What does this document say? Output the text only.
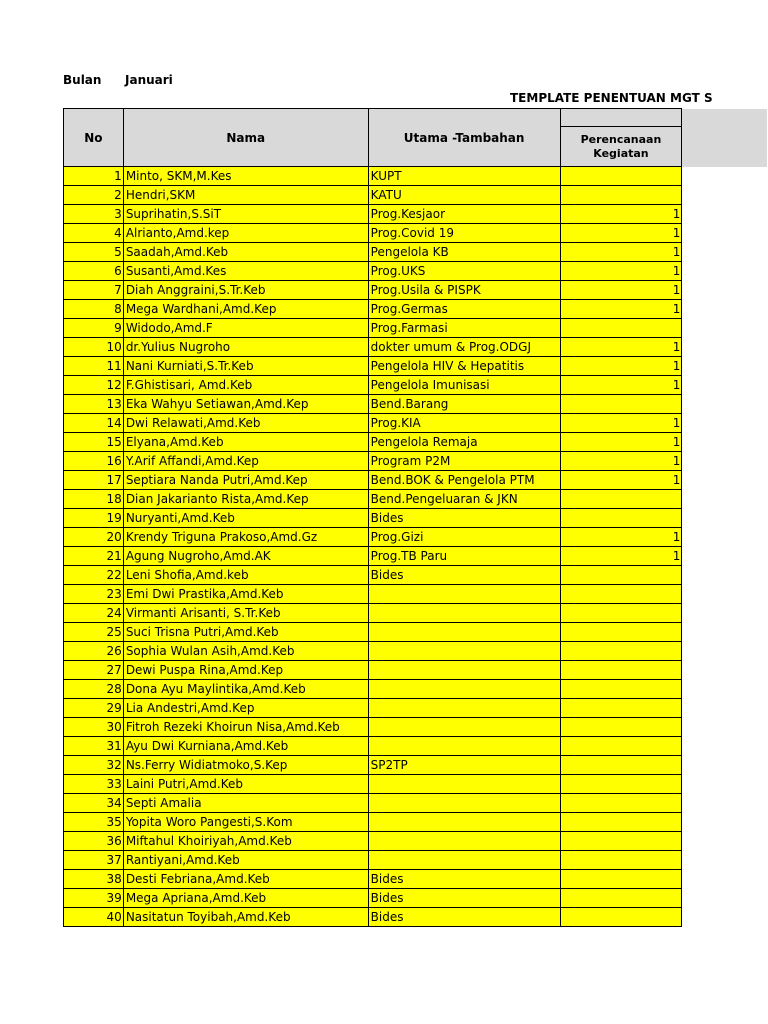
Bulan Januari
TEMPLATE PENENTUAN MGT S
No	Nama	Utama -Tambahan		
			Perencanaan Kegiatan	
1	Minto, SKM,M.Kes	KUPT		
2	Hendri,SKM	KATU		
3	Suprihatin,S.SiT	Prog.Kesjaor	1	
4	Alrianto,Amd.kep	Prog.Covid 19	1	
5	Saadah,Amd.Keb	Pengelola KB	1	
6	Susanti,Amd.Kes	Prog.UKS	1	
7	Diah Anggraini,S.Tr.Keb	Prog.Usila & PISPK	1	
8	Mega Wardhani,Amd.Kep	Prog.Germas	1	
9	Widodo,Amd.F	Prog.Farmasi		
10	dr.Yulius Nugroho	dokter umum & Prog.ODGJ	1	
11	Nani Kurniati,S.Tr.Keb	Pengelola HIV & Hepatitis	1	
12	F.Ghistisari, Amd.Keb	Pengelola Imunisasi	1	
13	Eka Wahyu Setiawan,Amd.Kep	Bend.Barang		
14	Dwi Relawati,Amd.Keb	Prog.KIA	1	
15	Elyana,Amd.Keb	Pengelola Remaja	1	
16	Y.Arif Affandi,Amd.Kep	Program P2M	1	
17	Septiara Nanda Putri,Amd.Kep	Bend.BOK & Pengelola PTM	1	
18	Dian Jakarianto Rista,Amd.Kep	Bend.Pengeluaran & JKN		
19	Nuryanti,Amd.Keb	Bides		
20	Krendy Triguna Prakoso,Amd.Gz	Prog.Gizi	1	
21	Agung Nugroho,Amd.AK	Prog.TB Paru	1	
22	Leni Shofia,Amd.keb	Bides		
23	Emi Dwi Prastika,Amd.Keb			
24	Virmanti Arisanti, S.Tr.Keb			
25	Suci Trisna Putri,Amd.Keb			
26	Sophia Wulan Asih,Amd.Keb			
27	Dewi Puspa Rina,Amd.Kep			
28	Dona Ayu Maylintika,Amd.Keb			
29	Lia Andestri,Amd.Kep			
30	Fitroh Rezeki Khoirun Nisa,Amd.Keb			
31	Ayu Dwi Kurniana,Amd.Keb			
32	Ns.Ferry Widiatmoko,S.Kep	SP2TP		
33	Laini Putri,Amd.Keb			
34	Septi Amalia			
35	Yopita Woro Pangesti,S.Kom			
36	Miftahul Khoiriyah,Amd.Keb			
37	Rantiyani,Amd.Keb			
38	Desti Febriana,Amd.Keb	Bides		
39	Mega Apriana,Amd.Keb	Bides		
40	Nasitatun Toyibah,Amd.Keb	Bides		
